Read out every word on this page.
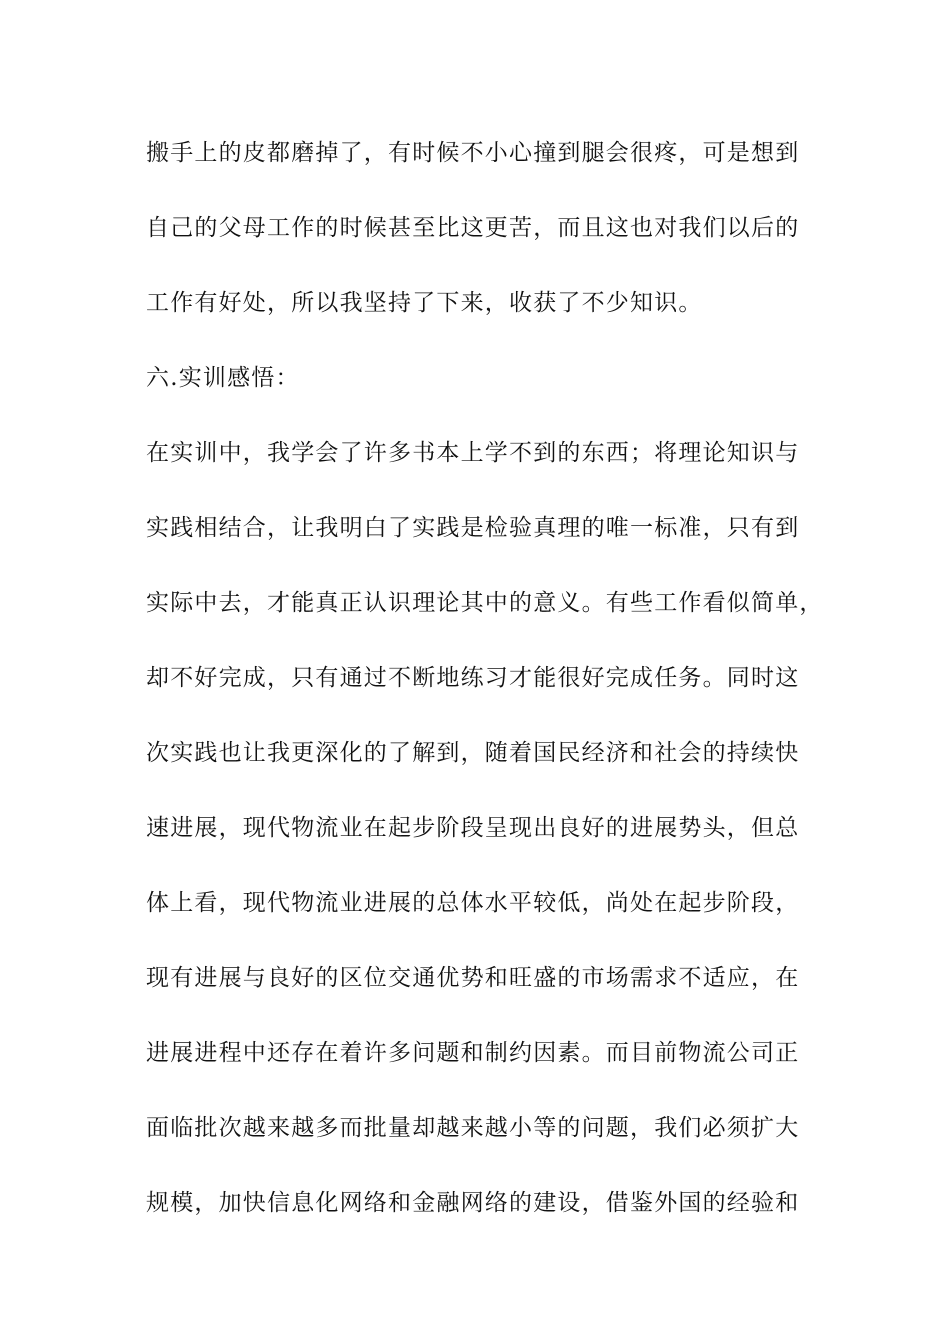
搬手上的皮都磨掉了，有时候不小心撞到腿会很疼，可是想到
自己的父母工作的时候甚至比这更苦，而且这也对我们以后的
工作有好处，所以我坚持了下来，收获了不少知识。
六.实训感悟：
在实训中，我学会了许多书本上学不到的东西；将理论知识与
实践相结合，让我明白了实践是检验真理的唯一标准，只有到
实际中去，才能真正认识理论其中的意义。有些工作看似简单，
却不好完成，只有通过不断地练习才能很好完成任务。同时这
次实践也让我更深化的了解到，随着国民经济和社会的持续快
速进展，现代物流业在起步阶段呈现出良好的进展势头，但总
体上看，现代物流业进展的总体水平较低，尚处在起步阶段，
现有进展与良好的区位交通优势和旺盛的市场需求不适应，在
进展进程中还存在着许多问题和制约因素。而目前物流公司正
面临批次越来越多而批量却越来越小等的问题，我们必须扩大
规模，加快信息化网络和金融网络的建设，借鉴外国的经验和
